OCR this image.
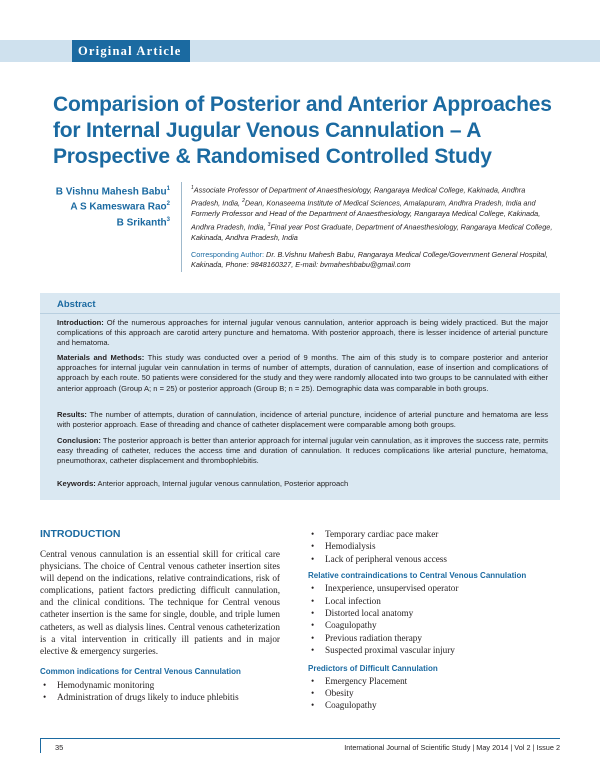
Original Article
Comparision of Posterior and Anterior Approaches for Internal Jugular Venous Cannulation – A Prospective & Randomised Controlled Study
B Vishnu Mahesh Babu$^1$
A S Kameswara Rao$^2$
B Srikanth$^3$
$^1$Associate Professor of Department of Anaesthesiology, Rangaraya Medical College, Kakinada, Andhra Pradesh, India, $^2$Dean, Konaseema Institute of Medical Sciences, Amalapuram, Andhra Pradesh, India and Formerly Professor and Head of the Department of Anaesthesiology, Rangaraya Medical College, Kakinada, Andhra Pradesh, India, $^3$Final year Post Graduate, Department of Anaesthesiology, Rangaraya Medical College, Kakinada, Andhra Pradesh, India
Corresponding Author: Dr. B.Vishnu Mahesh Babu, Rangaraya Medical College/Government General Hospital, Kakinada, Phone: 9848160327, E-mail: bvmaheshbabu@gmail.com
Abstract

Introduction: Of the numerous approaches for internal jugular venous cannulation, anterior approach is being widely practiced. But the major complications of this approach are carotid artery puncture and hematoma. With posterior approach, there is lesser incidence of arterial puncture and hematoma.

Materials and Methods: This study was conducted over a period of 9 months. The aim of this study is to compare posterior and anterior approaches for internal jugular vein cannulation in terms of number of attempts, duration of cannulation, ease of insertion and complications of approach by each route. 50 patients were considered for the study and they were randomly allocated into two groups to be cannulated with either anterior approach (Group A; n = 25) or posterior approach (Group B; n = 25). Demographic data was comparable in both groups.

Results: The number of attempts, duration of cannulation, incidence of arterial puncture, incidence of arterial puncture and hematoma are less with posterior approach. Ease of threading and chance of catheter displacement were comparable among both groups.

Conclusion: The posterior approach is better than anterior approach for internal jugular vein cannulation, as it improves the success rate, permits easy threading of catheter, reduces the access time and duration of cannulation. It reduces complications like arterial puncture, hematoma, pneumothorax, catheter displacement and thrombophlebitis.

Keywords: Anterior approach, Internal jugular venous cannulation, Posterior approach

INTRODUCTION

Central venous cannulation is an essential skill for critical care physicians. The choice of Central venous catheter insertion sites will depend on the indications, relative contraindications, risk of complications, patient factors predicting difficult cannulation, and the clinical conditions. The technique for Central venous catheter insertion is the same for single, double, and triple lumen catheters, as well as dialysis lines. Central venous catheterization is a vital intervention in critically ill patients and in major elective & emergency surgeries.

Common indications for Central Venous Cannulation
• Hemodynamic monitoring
• Administration of drugs likely to induce phlebitis
• Temporary cardiac pace maker
• Hemodialysis
• Lack of peripheral venous access
Relative contraindications to Central Venous Cannulation
• Inexperience, unsupervised operator
• Local infection
• Distorted local anatomy
• Coagulopathy
• Previous radiation therapy
• Suspected proximal vascular injury
Predictors of Difficult Cannulation
• Emergency Placement
• Obesity
• Coagulopathy
35	International Journal of Scientific Study | May 2014 | Vol 2 | Issue 2
